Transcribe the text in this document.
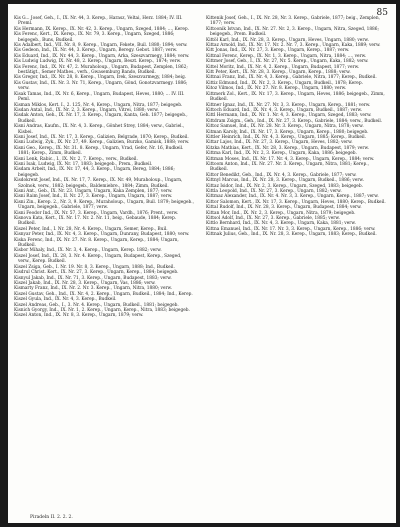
85

Kis G... Josef, Geh., I., IX. Nr. 44, 3. Kerep., Harasz, Veltai, Herz. 1884; IV. III. Preml.

Kis Hermann, IX. Kerep., IX. Nr. 42, 3. Kerep., Ungarn, Szeged, 1884; ..., Kerep.

Kis Ferenc, Kert., IX. Kerep., IX. Nr. 79, 3. Kerep., Ungarn, Szeged, 1886; beigegeb., Buns, Budkeil.

Kis Adalbert, Ind., VII. Nr. 8, 9. Kerep., Ungarn, Fekete, Buil. 1880; 1894; verw.

Kis Gedeon, Ind., IX. Nr. 44, 3. Kerep., Ungarn, Beregy. Gebot. 1887; verw.

Kis Eduard, Ind., IX. Nr. 44, 3. Kerep., Ungarn, Arka, Szeszvarmegy, 1884; verw.

Kis Ludwig Ludwig, IX. Nr. 48, 2. Kerep., Ungarn, Beszt. Kerep., 1874; verw.

Kis Ferenc, Ind., IX. Nr. 47, 2. Muraholoup., Ungarn, Budapest, Zemplen, 1862; bestätigt., Semer Mathes., verh., Gwasemburg Bando, Budkeil.

Kis Gregor, Ind., IX. Nr. 28, 8. Kerep., Ungarn, Irek, Szeszvarmegy, 1884; beig.

Kis Gustav, Ind., IX. Nr. 3. Nr. 71, Kerep., Ungarn, Gönd, Gonotzvarmegy. 1886; verw.

Kisak Tamas, Ind., IX. Nr. 6, Kerep., Ungarn, Budapest, Heves, 1880; ... IV. III. Peml.

Kisman Miklos, Kert. I., 2. 125, Nr. 4, Kerep., Ungarn, Nitra, 1877; beigegeb.

Kisdan Antal, Ind., IX. Nr. 2, 3. Kerep., Ungarn, Vitrei, 1880; verw.

Kisdak Anton, Geh., IX. Nr. 17, 3. Kerep., Ungarn, Kanta, Geh. 1877; beigegeb., Budkeil.

Kisni Andras, Kaufm., IX. Nr. 4, 3. Kerep., Gönhet Strey, 1884; verw., Gabriel., Kisbei.

Kisni Josef, Ind., IX. Nr. 17, 3. Kerep., Galizien, Belgrade, 1870; Kerep., Budkeil.

Kisni Ludwig, Zyk., IX. Nr. 27, 49. Kerep., Galizien, Burzko, Gamisk, 1888; verw.

Kisni Geo., Kerep., IX. Nr. 31. 8. Kerep., Ungarn, Vrad, Gefer, Nr. 16, Budkeil. 1881; Kerep., Zimm, Budkeil.

Kisni Lenk, Rabic., I., IX. Nr. 2, 7. Kerep., verw., Budkeil.

Kisni Isak, Ludwig, IX. Nr. 17, 1883; beigegeb., Prem., Budkeil.

Kisdam Arbeit, Ind., IX. Nr. 17, 44, 3. Kerep., Ungarn, Bereg, 1884; 1886; beigegeb.

Kisdokrent Josef, Ind., IX. Nr. 17, 7. Kerep., IX. Nr. 49, Muraholoup., Ungarn, Szolnok, verw., 1882; beigegeb., Baldemiebre., 1884; Zimm, Budkeil.

Kisni Ant., Geb., IX. Nr. 23. Ungarn, Ungarn, Kaka Zemplen, 1877; verw.

Kisni Raim Josef, Ind., II. Nr. 27, 3. Kerep., Ungarn, Ungarn, 1887; verw.

Kisni Zin., Kerep. 2., Nr. 3, 9. Kerep., Muraholoup., Ungarn, Buil. 1879; beigegeb., Ungarn, beigegeb., Gabriele, 1877; verw.

Kisni Feodor Ind., IX. Nr. 57, 3. Kerep., Ungarn, Vardh., 1876; Prent., verw.

Kisnova Kata, Kert., IX. Nr. 17. Nr. 2. Nr. 11, beig., Gebaude, 1884; Kerep. Budkeil.

Kiszel Peter, Ind., I. Nr. 28, Nr. 4. Kerep., Ungarn, Semer, Kerep., Buil.

Kisnyar Peter, Ind., IX. Nr. 4, 3. Kerep., Ungarn, Dunrany, Budapest, 1880; verw.

Kiska Ferenc, Ind., IX. Nr. 27. Nr. 8. Kerep., Ungarn, Kerep., 1884; Ungarn, Budkeil.

Kisbor Mihaly, Ind., IX. Nr. 3, 4. Kerep., Ungarn, Kerep. 1882; verw.

Kiszel Josef, Ind., IX. 28, 3. Nr. 4. Kerep., Ungarn, Budapest, Kerep., Szeged, verw., Kerep. Budkeil.

Kiszel Zsiga, Geb., I. Nr. 19. Nr. 8, 3. Kerep., Ungarn, 1888; Ind., Budkeil.

Kisdrul Christ. Kert., IX. Nr. 27, 3. Kerep., Ungarn, Kerep., 1884; beigegeb.

Kisnyul Jakab, Ind., IX. Nr. 71, 3. Kerep., Ungarn, Budapest, 1883; verw.

Kiszel Jakab, Ind., IX. Nr. 28, 3. Kerep., Ungarn, Vas, 1886; verw.

Kismarty Franz, Ind., IX. Nr. 2. Nr. 3. Kerep., Ungarn, Nitra, 1880; verw.

Kiszel Gustav, Geh., Ind., IX. Nr. 4, 2. Kerep., Ungarn, Budkeil., 1884; Ind., Kerep.

Kiszel Gyula, Ind., IX. Nr. 4, 3. Kerep., Budkeil.

Kiszel Andreas, Geb., I., 3. Nr. 4. Kerep., Ungarn, Budkeil., 1881; beigegeb.

Kisnich Gyorgy, Ind., IX. Nr. 1, 2. Kerep., Ungarn, Kerep., Nitra, 1883; beigegeb.

Kiszel Anton, Ind., IX. Nr. 8, 3. Kerep., Ungarn, 1879; verw.

Kittenik Josef, Geh., I., IX. Nr. 28, Nr. 3. Kerep., Gabriele, 1877; beig., Zemplen, 1877; verw.

Kittoonik Istvan, Ind., IX. Nr. 27. Nr. 2, 3. Kerep., Ungarn, Nitra, Szeged, 1886; beigegeb., Prem. Budkeil.

Kittöl Karl, Ind., IX. Nr. 28, 3. Kerep., Ungarn, Heves, Ungarn, 1880; verw.

Kittaz Arnold, Ind., IX. Nr. 17. Nr. 2. Nr. 7, 3. Kerep., Ungarn, Kaka, 1889; verw.

Kitt Jonas, Ind., IX. Nr. 27, 3. Kerep., Ungarn, Kerep., 1887; verw.

Kittnal Ferenc, Kerep., IX. Nr. 1, 3. Kerep., Ungarn, Nitra, 1884; ..., verw.

Kittmer Josef, Geb., I., IX. Nr. 27, Nr. 5. Kerep., Ungarn, Kaka, 1882; verw.

Kittel Moritz, Ind., IX. Nr. 4, 2. Kerep., Ungarn, Budapest, 1877; verw.

Kitt Peter, Kert., IX. Nr. 28, 3. Kerep., Ungarn, Kerep., 1888; verw.

Kittnai Franz, Ind., IX. Nr. 4, 3. Kerep., Gabriele, Nitra, 1877; Kerep., Budkeil.

Kittiz Edmund, Ind., IX. Nr. 2, 3. Kerep., Ungarn, Budkeil., 1878; Kerep.

Kitoz Vilmos, Ind., IX. Nr. 27. Nr. 8. Kerep., Ungarn, 1880; verw.

Kittmerk Zol., Kert., IX. Nr. 17, 3. Kerep., Ungarn, Heves, 1886; beigegeb., Zimm, Budkeil.

Kittner Ignaz, Ind., IX. Nr. 27. Nr. 3, 3. Kerep., Ungarn, Kerep., 1881; verw.

Kittoch Eduard, Ind., IX. Nr. 4, 3. Kerep., Ungarn, Budkeil., 1887; verw.

Kittl Hermann, Ind., IX. Nr. 1. Nr. 4, 3. Kerep., Ungarn, Szeged, 1883; verw.

Kittdram Zsigm., Geh., Ind., IX. Nr. 27, 3. Kerep., Gabriele, 1884; verw., Budkeil.

Kittoz Samuel, Ind., IX. Nr. 28. Nr. 3. Kerep., Ungarn, Nitra, 1878; verw.

Kitman Karoly, Ind., IX. Nr. 17, 3. Kerep., Ungarn, Kerep., 1880; beigegeb.

Kittler Heinrich, Ind., IX. Nr. 4, 3. Kerep., Ungarn, 1885; Kerep., Budkeil.

Kittar Lajos, Ind., IX. Nr. 27, 3. Kerep., Ungarn, Heves, 1882; verw.

Kitzka Mathias, Kert., IX. Nr. 28, 3. Kerep., Ungarn, Budapest, 1879; verw.

Kittma Karl, Ind., IX. Nr. 2, 3. Kerep., Ungarn, Kaka, 1886; beigegeb.

Kittman Moses, Ind., IX. Nr. 17. Nr. 4, 3. Kerep., Ungarn, Kerep., 1884; verw.

Kittoom Anton, Ind., IX. Nr. 27. Nr. 3. Kerep., Ungarn, Nitra, 1881; Kerep., Budkeil.

Kittor Benedikt, Geb., Ind., IX. Nr. 4, 3. Kerep., Gabriele, 1877; verw.

Kittnyl Marcus, Ind., IX. Nr. 28, 3. Kerep., Ungarn, Budkeil., 1886; verw.

Kittaz Isidor, Ind., IX. Nr. 2, 3. Kerep., Ungarn, Szeged, 1883; beigegeb.

Kittla Leopold, Ind., IX. Nr. 27, 3. Kerep., Ungarn, 1882; verw.

Kittmaz Alexander, Ind., IX. Nr. 4. Nr. 3, 3. Kerep., Ungarn, Kerep., 1887; verw.

Kittor Salomon, Kert., IX. Nr. 17, 3. Kerep., Ungarn, Heves, 1880; Kerep., Budkeil.

Kittal Rudolf, Ind., IX. Nr. 28, 3. Kerep., Ungarn, Budapest, 1884; verw.

Kittan Mor, Ind., IX. Nr. 2, 3. Kerep., Ungarn, Nitra, 1879; beigegeb.

Kittsol Adolf, Ind., IX. Nr. 27, 3. Kerep., Gabriele, 1885; verw.

Kittlo Bernhard, Ind., IX. Nr. 4, 3. Kerep., Ungarn, Kaka, 1881; verw.

Kittna Emanuel, Ind., IX. Nr. 17. Nr. 3, 3. Kerep., Ungarn, Kerep., 1886; verw.

Kittnak Julius, Geb., Ind., IX. Nr. 28, 3. Kerep., Ungarn, 1883; Kerep., Budkeil.

Piradeln II. 2. 2. 2.
